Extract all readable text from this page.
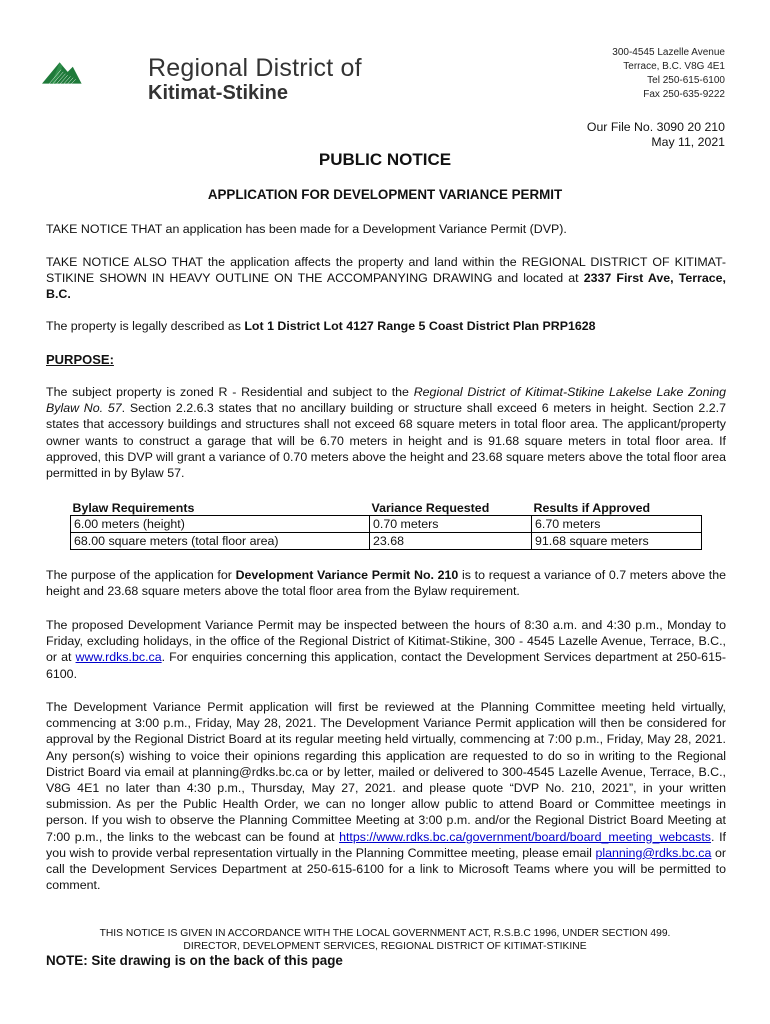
Regional District of
Kitimat-Stikine
300-4545 Lazelle Avenue
Terrace, B.C. V8G 4E1
Tel 250-615-6100
Fax 250-635-9222
Our File No. 3090 20 210
May 11, 2021
PUBLIC NOTICE
APPLICATION FOR DEVELOPMENT VARIANCE PERMIT
TAKE NOTICE THAT an application has been made for a Development Variance Permit (DVP).
TAKE NOTICE ALSO THAT the application affects the property and land within the REGIONAL DISTRICT OF KITIMAT-STIKINE SHOWN IN HEAVY OUTLINE ON THE ACCOMPANYING DRAWING and located at 2337 First Ave, Terrace, B.C.
The property is legally described as Lot 1 District Lot 4127 Range 5 Coast District Plan PRP1628
PURPOSE:
The subject property is zoned R - Residential and subject to the Regional District of Kitimat-Stikine Lakelse Lake Zoning Bylaw No. 57. Section 2.2.6.3 states that no ancillary building or structure shall exceed 6 meters in height. Section 2.2.7 states that accessory buildings and structures shall not exceed 68 square meters in total floor area. The applicant/property owner wants to construct a garage that will be 6.70 meters in height and is 91.68 square meters in total floor area. If approved, this DVP will grant a variance of 0.70 meters above the height and 23.68 square meters above the total floor area permitted in by Bylaw 57.
Bylaw Requirements	Variance Requested	Results if Approved
6.00 meters (height)	0.70 meters	6.70 meters
68.00 square meters (total floor area)	23.68	91.68 square meters
The purpose of the application for Development Variance Permit No. 210 is to request a variance of 0.7 meters above the height and 23.68 square meters above the total floor area from the Bylaw requirement.
The proposed Development Variance Permit may be inspected between the hours of 8:30 a.m. and 4:30 p.m., Monday to Friday, excluding holidays, in the office of the Regional District of Kitimat-Stikine, 300 - 4545 Lazelle Avenue, Terrace, B.C., or at www.rdks.bc.ca. For enquiries concerning this application, contact the Development Services department at 250-615-6100.
The Development Variance Permit application will first be reviewed at the Planning Committee meeting held virtually, commencing at 3:00 p.m., Friday, May 28, 2021. The Development Variance Permit application will then be considered for approval by the Regional District Board at its regular meeting held virtually, commencing at 7:00 p.m., Friday, May 28, 2021. Any person(s) wishing to voice their opinions regarding this application are requested to do so in writing to the Regional District Board via email at planning@rdks.bc.ca or by letter, mailed or delivered to 300-4545 Lazelle Avenue, Terrace, B.C., V8G 4E1 no later than 4:30 p.m., Thursday, May 27, 2021. and please quote “DVP No. 210, 2021”, in your written submission. As per the Public Health Order, we can no longer allow public to attend Board or Committee meetings in person. If you wish to observe the Planning Committee Meeting at 3:00 p.m. and/or the Regional District Board Meeting at 7:00 p.m., the links to the webcast can be found at https://www.rdks.bc.ca/government/board/board_meeting_webcasts. If you wish to provide verbal representation virtually in the Planning Committee meeting, please email planning@rdks.bc.ca or call the Development Services Department at 250-615-6100 for a link to Microsoft Teams where you will be permitted to comment.
THIS NOTICE IS GIVEN IN ACCORDANCE WITH THE LOCAL GOVERNMENT ACT, R.S.B.C 1996, UNDER SECTION 499.
DIRECTOR, DEVELOPMENT SERVICES, REGIONAL DISTRICT OF KITIMAT-STIKINE
NOTE: Site drawing is on the back of this page
